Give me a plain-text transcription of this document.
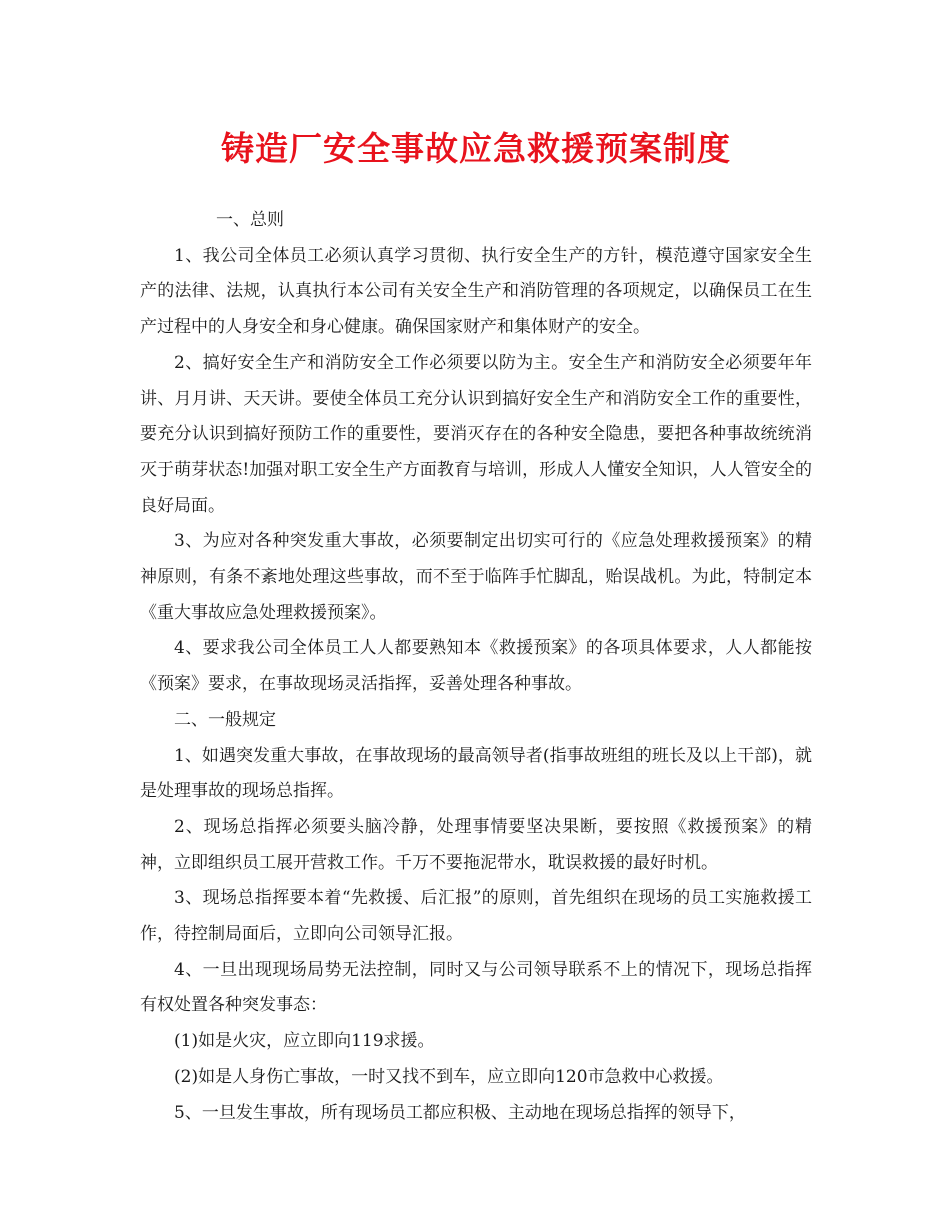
铸造厂安全事故应急救援预案制度

一、总则

1、我公司全体员工必须认真学习贯彻、执行安全生产的方针，模范遵守国家安全生产的法律、法规，认真执行本公司有关安全生产和消防管理的各项规定，以确保员工在生产过程中的人身安全和身心健康。确保国家财产和集体财产的安全。

2、搞好安全生产和消防安全工作必须要以防为主。安全生产和消防安全必须要年年讲、月月讲、天天讲。要使全体员工充分认识到搞好安全生产和消防安全工作的重要性，要充分认识到搞好预防工作的重要性，要消灭存在的各种安全隐患，要把各种事故统统消灭于萌芽状态!加强对职工安全生产方面教育与培训，形成人人懂安全知识，人人管安全的良好局面。

3、为应对各种突发重大事故，必须要制定出切实可行的《应急处理救援预案》的精神原则，有条不紊地处理这些事故，而不至于临阵手忙脚乱，贻误战机。为此，特制定本《重大事故应急处理救援预案》。

4、要求我公司全体员工人人都要熟知本《救援预案》的各项具体要求，人人都能按《预案》要求，在事故现场灵活指挥，妥善处理各种事故。

二、一般规定

1、如遇突发重大事故，在事故现场的最高领导者(指事故班组的班长及以上干部)，就是处理事故的现场总指挥。

2、现场总指挥必须要头脑冷静，处理事情要坚决果断，要按照《救援预案》的精神，立即组织员工展开营救工作。千万不要拖泥带水，耽误救援的最好时机。

3、现场总指挥要本着“先救援、后汇报”的原则，首先组织在现场的员工实施救援工作，待控制局面后，立即向公司领导汇报。

4、一旦出现现场局势无法控制，同时又与公司领导联系不上的情况下，现场总指挥有权处置各种突发事态：

(1)如是火灾，应立即向119求援。

(2)如是人身伤亡事故，一时又找不到车，应立即向120市急救中心救援。

5、一旦发生事故，所有现场员工都应积极、主动地在现场总指挥的领导下，
